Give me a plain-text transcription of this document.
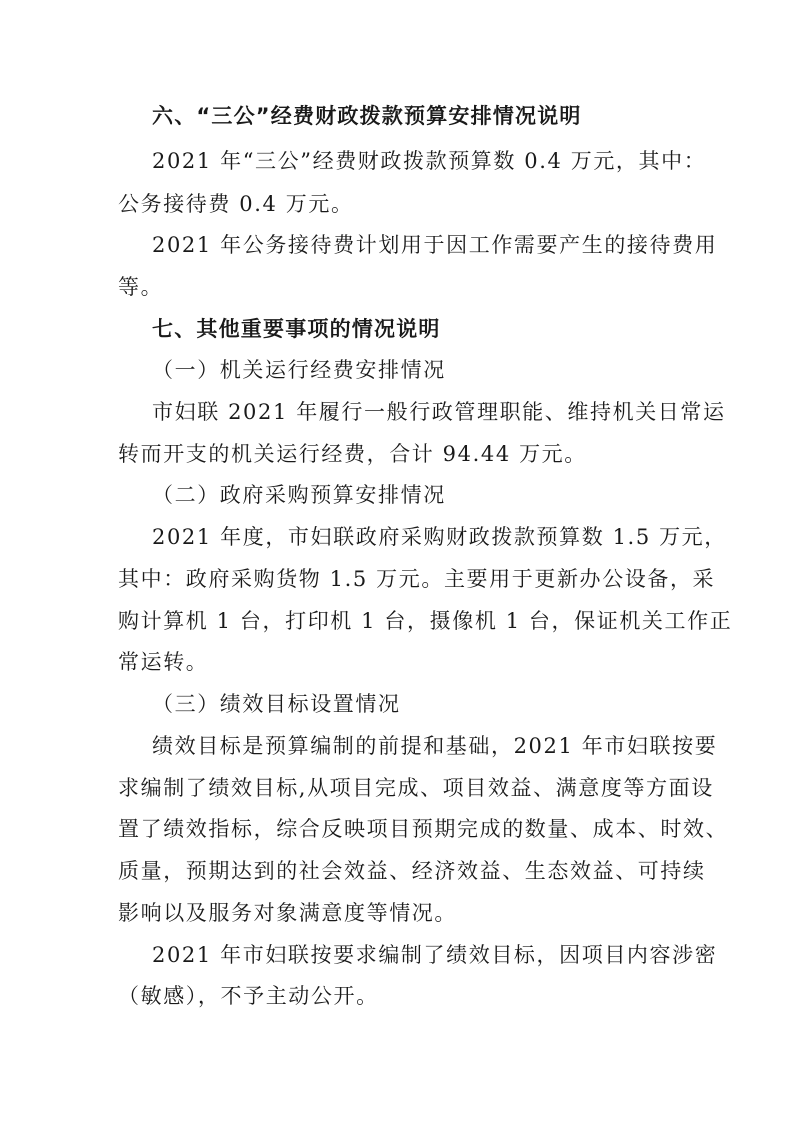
六、“三公”经费财政拨款预算安排情况说明
2021 年“三公”经费财政拨款预算数 0.4 万元，其中：
公务接待费 0.4 万元。
2021 年公务接待费计划用于因工作需要产生的接待费用
等。
七、其他重要事项的情况说明
（一）机关运行经费安排情况
市妇联 2021 年履行一般行政管理职能、维持机关日常运
转而开支的机关运行经费，合计 94.44 万元。
（二）政府采购预算安排情况
2021 年度，市妇联政府采购财政拨款预算数 1.5 万元，
其中：政府采购货物 1.5 万元。主要用于更新办公设备，采
购计算机 1 台，打印机 1 台，摄像机 1 台，保证机关工作正
常运转。
（三）绩效目标设置情况
绩效目标是预算编制的前提和基础，2021 年市妇联按要
求编制了绩效目标,从项目完成、项目效益、满意度等方面设
置了绩效指标，综合反映项目预期完成的数量、成本、时效、
质量，预期达到的社会效益、经济效益、生态效益、可持续
影响以及服务对象满意度等情况。
2021 年市妇联按要求编制了绩效目标，因项目内容涉密
（敏感），不予主动公开。
